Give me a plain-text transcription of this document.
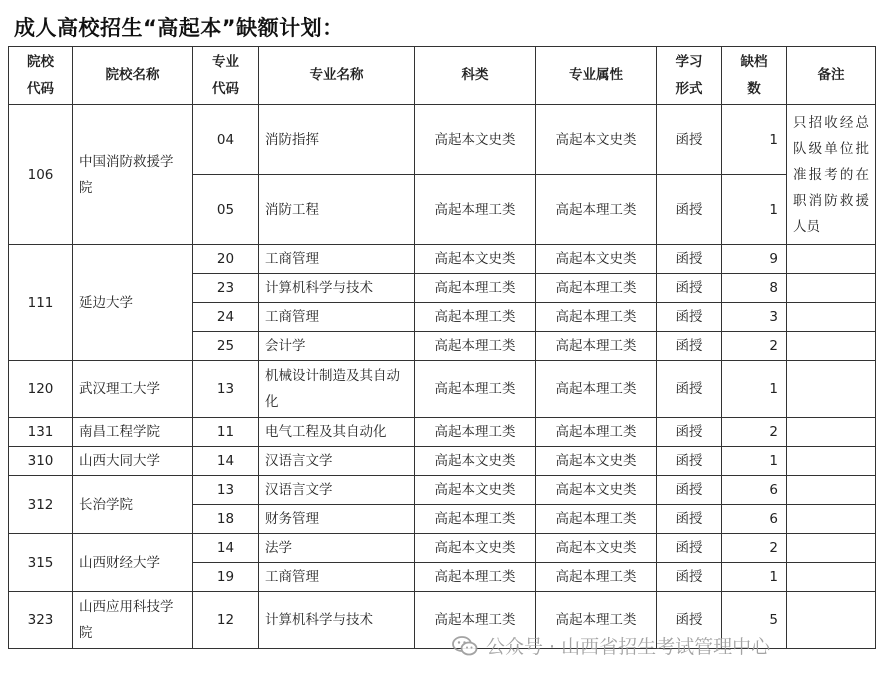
成人高校招生“高起本”缺额计划：
院校代码	院校名称	专业代码	专业名称	科类	专业属性	学习形式	缺档数	备注
106	中国消防救援学院	04	消防指挥	高起本文史类	高起本文史类	函授	1	只招收经总队级单位批准报考的在职消防救援人员
		05	消防工程	高起本理工类	高起本理工类	函授	1	
111	延边大学	20	工商管理	高起本文史类	高起本文史类	函授	9	
		23	计算机科学与技术	高起本理工类	高起本理工类	函授	8	
		24	工商管理	高起本理工类	高起本理工类	函授	3	
		25	会计学	高起本理工类	高起本理工类	函授	2	
120	武汉理工大学	13	机械设计制造及其自动化	高起本理工类	高起本理工类	函授	1	
131	南昌工程学院	11	电气工程及其自动化	高起本理工类	高起本理工类	函授	2	
310	山西大同大学	14	汉语言文学	高起本文史类	高起本文史类	函授	1	
312	长治学院	13	汉语言文学	高起本文史类	高起本文史类	函授	6	
		18	财务管理	高起本理工类	高起本理工类	函授	6	
315	山西财经大学	14	法学	高起本文史类	高起本文史类	函授	2	
		19	工商管理	高起本理工类	高起本理工类	函授	1	
323	山西应用科技学院	12	计算机科学与技术	高起本理工类	高起本理工类	函授	5	
公众号 · 山西省招生考试管理中心
